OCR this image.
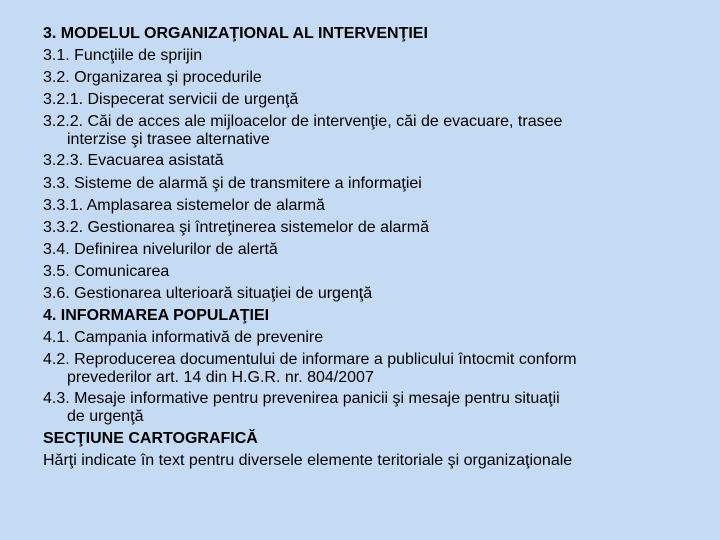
3. MODELUL ORGANIZAŢIONAL AL INTERVENŢIEI
3.1. Funcţiile de sprijin
3.2. Organizarea şi procedurile
3.2.1. Dispecerat servicii de urgenţă
3.2.2. Căi de acces ale mijloacelor de intervenţie, căi de evacuare, trasee
interzise şi trasee alternative
3.2.3. Evacuarea asistată
3.3. Sisteme de alarmă şi de transmitere a informaţiei
3.3.1. Amplasarea sistemelor de alarmă
3.3.2. Gestionarea şi întreţinerea sistemelor de alarmă
3.4. Definirea nivelurilor de alertă
3.5. Comunicarea
3.6. Gestionarea ulterioară situaţiei de urgenţă
4. INFORMAREA POPULAŢIEI
4.1. Campania informativă de prevenire
4.2. Reproducerea documentului de informare a publicului întocmit conform
prevederilor art. 14 din H.G.R. nr. 804/2007
4.3. Mesaje informative pentru prevenirea panicii şi mesaje pentru situaţii
de urgenţă
SECŢIUNE CARTOGRAFICĂ
Hărţi indicate în text pentru diversele elemente teritoriale şi organizaţionale
